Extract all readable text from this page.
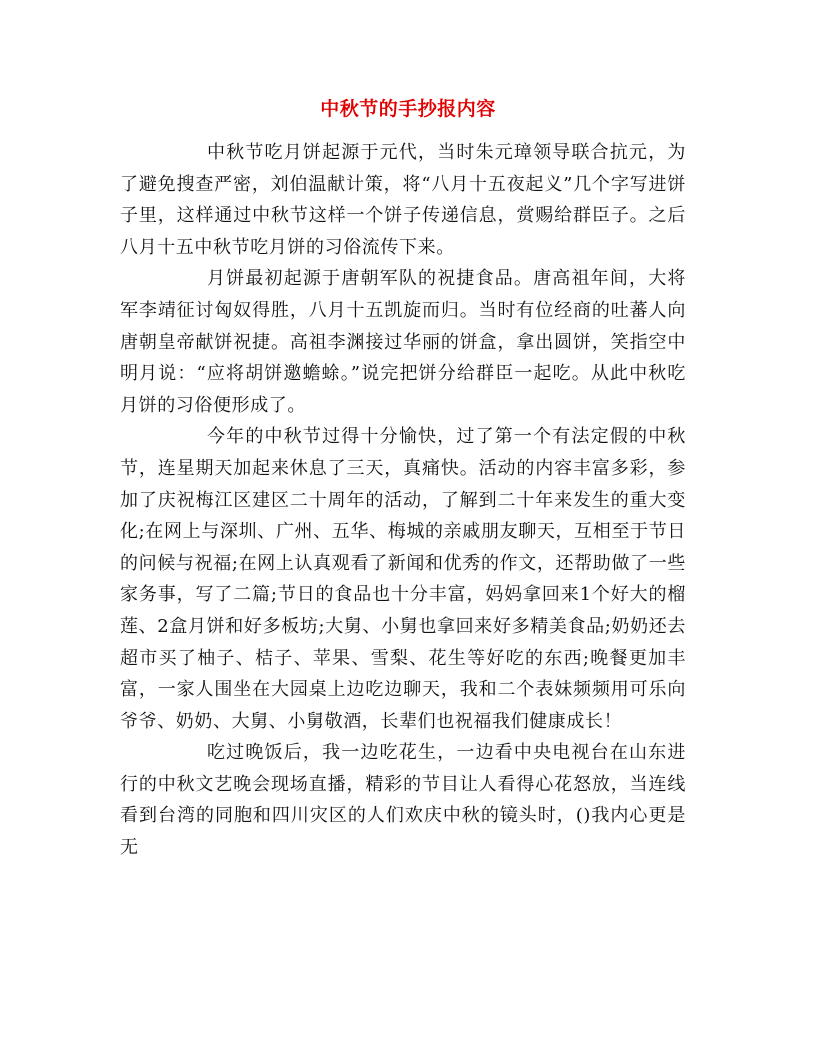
中秋节的手抄报内容

中秋节吃月饼起源于元代，当时朱元璋领导联合抗元，为了避免搜查严密，刘伯温献计策，将“八月十五夜起义”几个字写进饼子里，这样通过中秋节这样一个饼子传递信息，赏赐给群臣子。之后八月十五中秋节吃月饼的习俗流传下来。

月饼最初起源于唐朝军队的祝捷食品。唐高祖年间，大将军李靖征讨匈奴得胜，八月十五凯旋而归。当时有位经商的吐蕃人向唐朝皇帝献饼祝捷。高祖李渊接过华丽的饼盒，拿出圆饼，笑指空中明月说：“应将胡饼邀蟾蜍。”说完把饼分给群臣一起吃。从此中秋吃月饼的习俗便形成了。

今年的中秋节过得十分愉快，过了第一个有法定假的中秋节，连星期天加起来休息了三天，真痛快。活动的内容丰富多彩，参加了庆祝梅江区建区二十周年的活动，了解到二十年来发生的重大变化;在网上与深圳、广州、五华、梅城的亲戚朋友聊天，互相至于节日的问候与祝福;在网上认真观看了新闻和优秀的作文，还帮助做了一些家务事，写了二篇;节日的食品也十分丰富，妈妈拿回来1个好大的榴莲、2盒月饼和好多板坊;大舅、小舅也拿回来好多精美食品;奶奶还去超市买了柚子、桔子、苹果、雪梨、花生等好吃的东西;晚餐更加丰富，一家人围坐在大园桌上边吃边聊天，我和二个表妹频频用可乐向爷爷、奶奶、大舅、小舅敬酒，长辈们也祝福我们健康成长！

吃过晚饭后，我一边吃花生，一边看中央电视台在山东进行的中秋文艺晚会现场直播，精彩的节目让人看得心花怒放，当连线看到台湾的同胞和四川灾区的人们欢庆中秋的镜头时，()我内心更是无
